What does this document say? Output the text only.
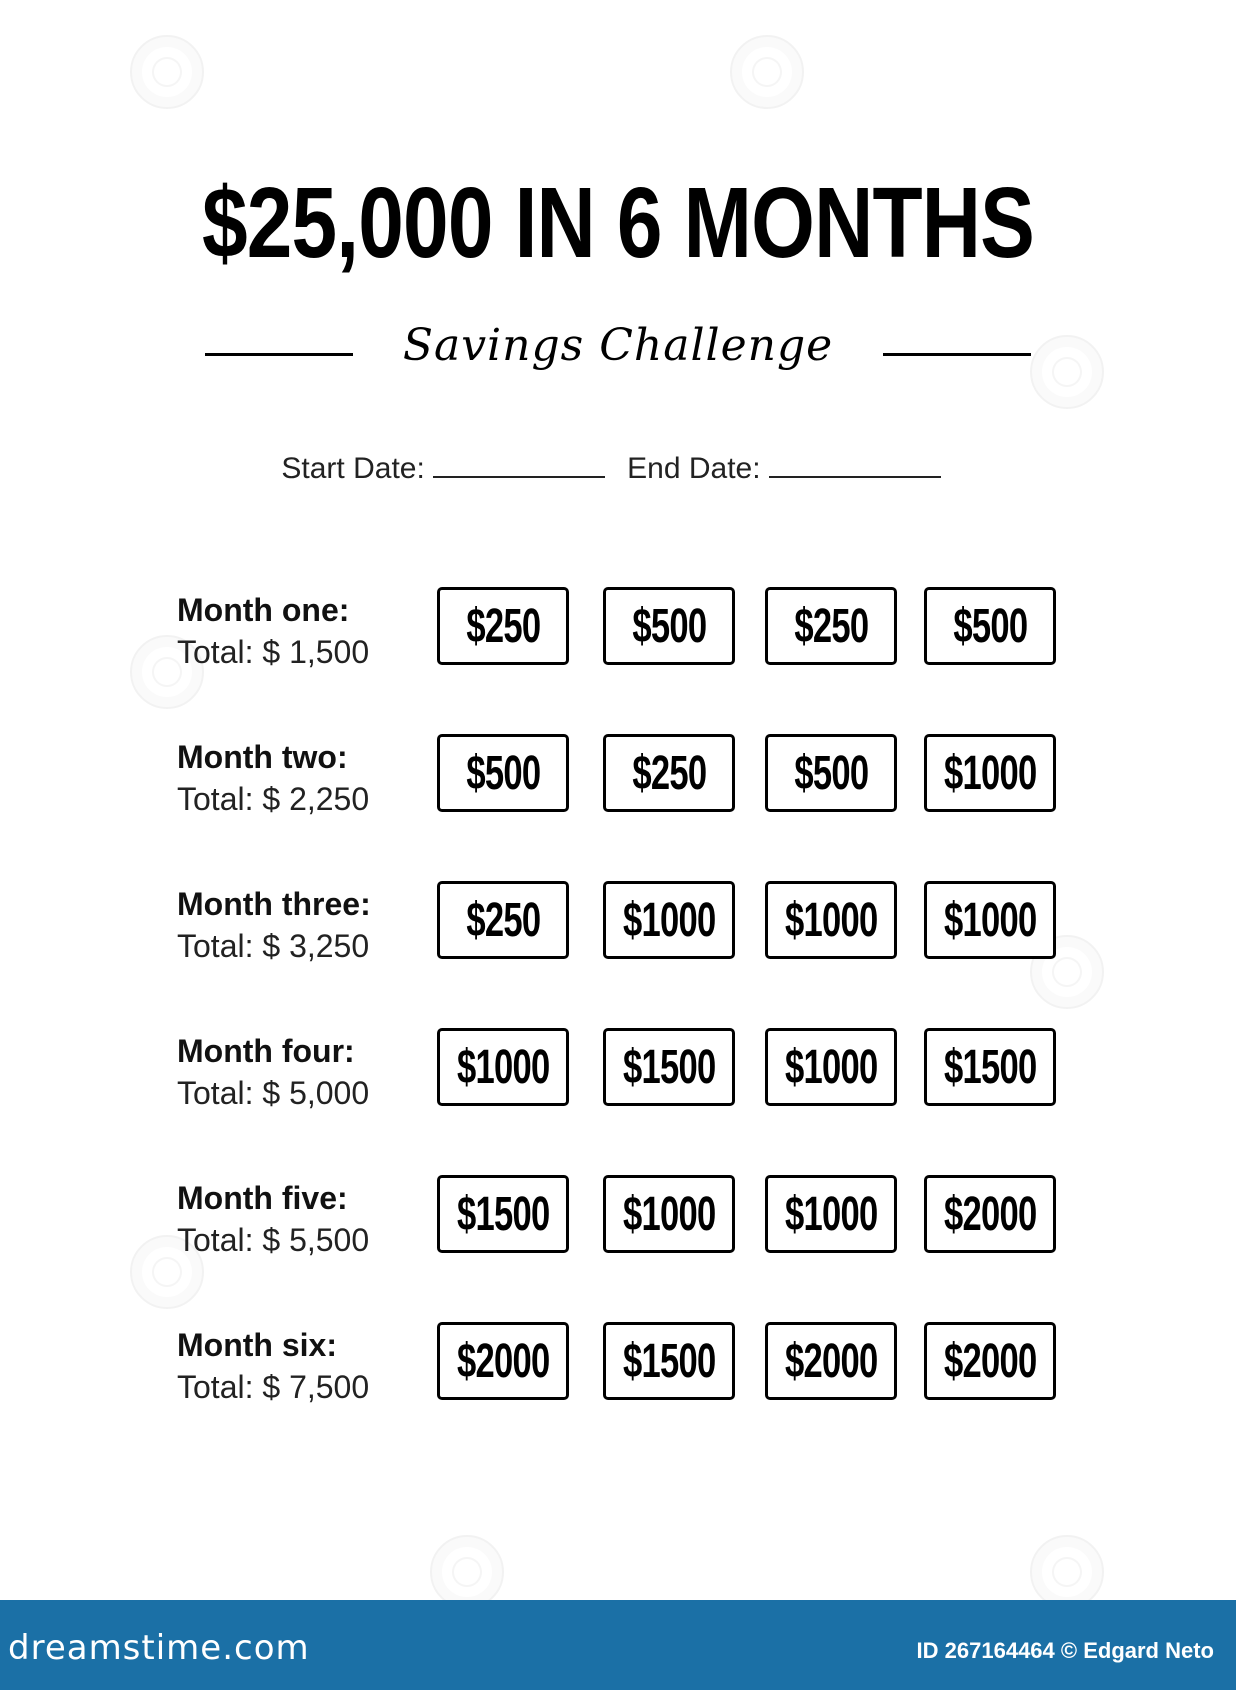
$25,000 IN 6 MONTHS
Savings Challenge
Start Date:	End Date:
Month one:
Total: $ 1,500 $250 $500 $250 $500
Month two:
Total: $ 2,250 $500 $250 $500 $1000
Month three:
Total: $ 3,250 $250 $1000 $1000 $1000
Month four:
Total: $ 5,000 $1000 $1500 $1000 $1500
Month five:
Total: $ 5,500 $1500 $1000 $1000 $2000
Month six:
Total: $ 7,500 $2000 $1500 $2000 $2000
dreamstime.com	ID 267164464 © Edgard Neto
